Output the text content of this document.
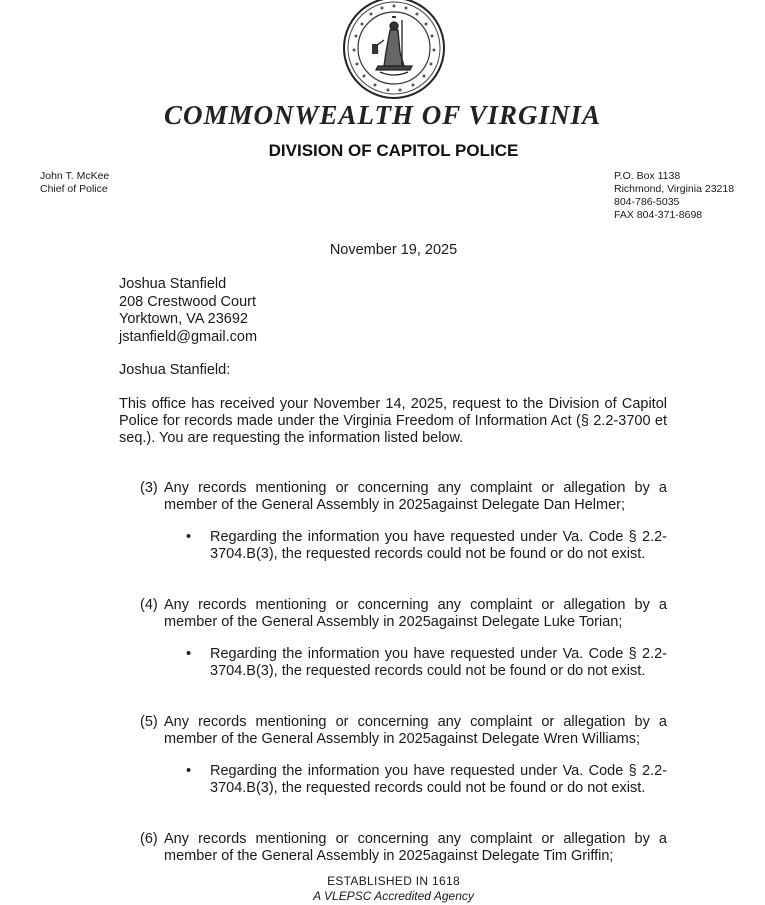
COMMONWEALTH OF VIRGINIA
DIVISION OF CAPITOL POLICE
John T. McKee
Chief of Police
P.O. Box 1138
Richmond, Virginia 23218
804-786-5035
FAX 804-371-8698
November 19, 2025
Joshua Stanfield
208 Crestwood Court
Yorktown, VA 23692
jstanfield@gmail.com
Joshua Stanfield:
This office has received your November 14, 2025, request to the Division of Capitol Police for records made under the Virginia Freedom of Information Act (§ 2.2-3700 et seq.). You are requesting the information listed below.
(3) Any records mentioning or concerning any complaint or allegation by a member of the General Assembly in 2025against Delegate Dan Helmer;
• Regarding the information you have requested under Va. Code § 2.2-3704.B(3), the requested records could not be found or do not exist.
(4) Any records mentioning or concerning any complaint or allegation by a member of the General Assembly in 2025against Delegate Luke Torian;
• Regarding the information you have requested under Va. Code § 2.2-3704.B(3), the requested records could not be found or do not exist.
(5) Any records mentioning or concerning any complaint or allegation by a member of the General Assembly in 2025against Delegate Wren Williams;
• Regarding the information you have requested under Va. Code § 2.2-3704.B(3), the requested records could not be found or do not exist.
(6) Any records mentioning or concerning any complaint or allegation by a member of the General Assembly in 2025against Delegate Tim Griffin;
ESTABLISHED IN 1618
A VLEPSC Accredited Agency
